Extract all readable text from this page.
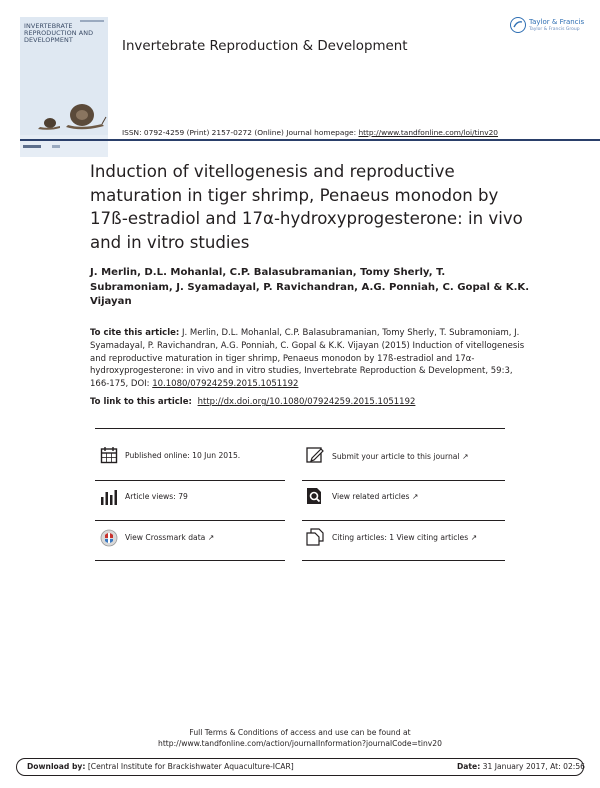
INVERTEBRATE REPRODUCTION AND DEVELOPMENT	Invertebrate Reproduction & Development
Taylor & Francis
Taylor & Francis Group
ISSN: 0792-4259 (Print) 2157-0272 (Online) Journal homepage: http://www.tandfonline.com/loi/tinv20
Induction of vitellogenesis and reproductive maturation in tiger shrimp, Penaeus monodon by 17ß-estradiol and 17α-hydroxyprogesterone: in vivo and in vitro studies
J. Merlin, D.L. Mohanlal, C.P. Balasubramanian, Tomy Sherly, T. Subramoniam, J. Syamadayal, P. Ravichandran, A.G. Ponniah, C. Gopal & K.K. Vijayan
To cite this article: J. Merlin, D.L. Mohanlal, C.P. Balasubramanian, Tomy Sherly, T. Subramoniam, J. Syamadayal, P. Ravichandran, A.G. Ponniah, C. Gopal & K.K. Vijayan (2015) Induction of vitellogenesis and reproductive maturation in tiger shrimp, Penaeus monodon by 17ß-estradiol and 17α-hydroxyprogesterone: in vivo and in vitro studies, Invertebrate Reproduction & Development, 59:3, 166-175, DOI: 10.1080/07924259.2015.1051192
To link to this article: http://dx.doi.org/10.1080/07924259.2015.1051192
Published online: 10 Jun 2015.	Submit your article to this journal ↗
Article views: 79	View related articles ↗
View Crossmark data ↗	Citing articles: 1 View citing articles ↗
Full Terms & Conditions of access and use can be found at
http://www.tandfonline.com/action/journalInformation?journalCode=tinv20
Download by: [Central Institute for Brackishwater Aquaculture-ICAR]	Date: 31 January 2017, At: 02:56
